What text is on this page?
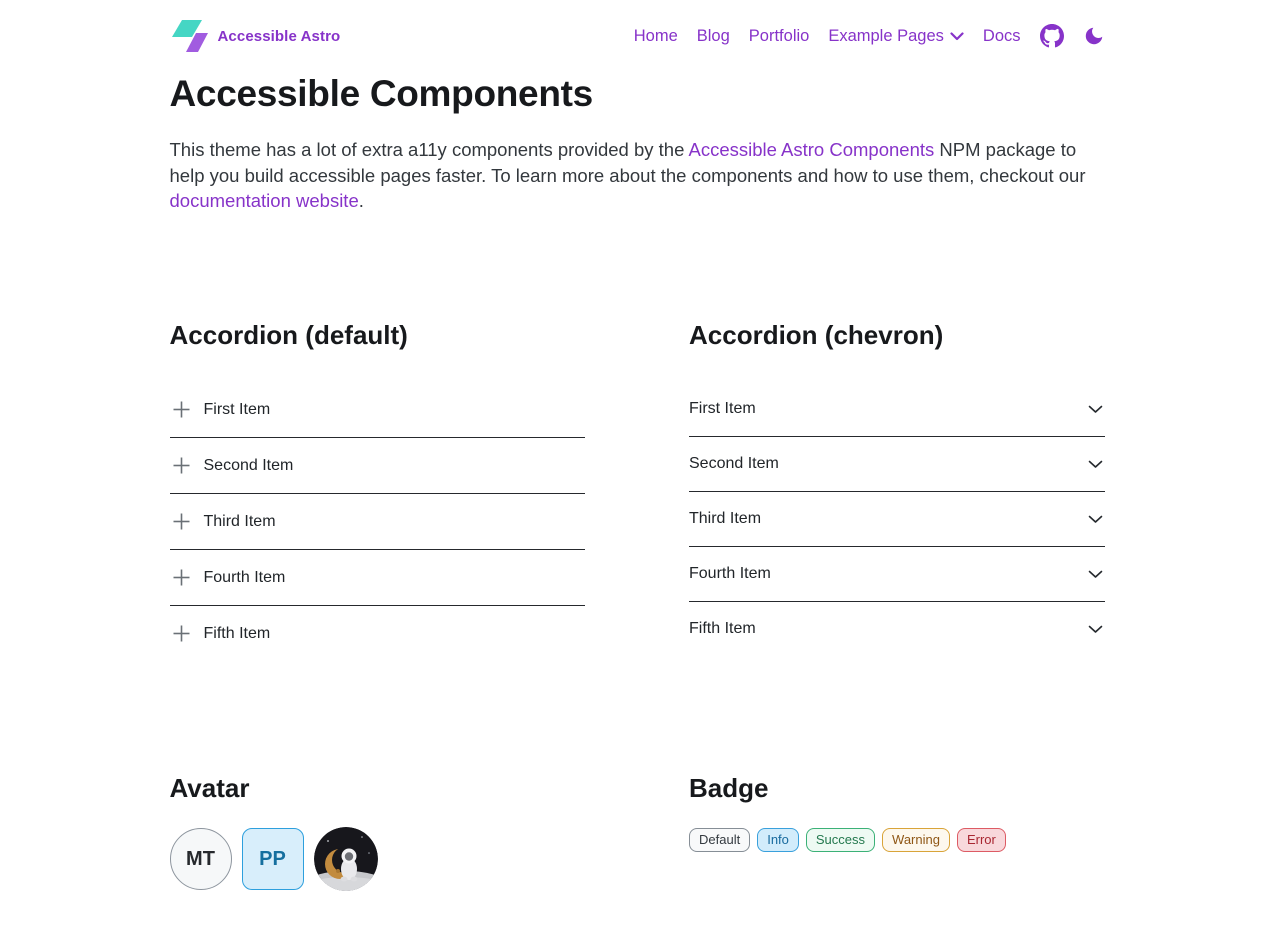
Accessible Astro	Home Blog Portfolio Example Pages Docs
Accessible Components

This theme has a lot of extra a11y components provided by the Accessible Astro Components NPM package to help you build accessible pages faster. To learn more about the components and how to use them, checkout our documentation website.

Accordion (default)
First Item
Second Item
Third Item
Fourth Item
Fifth Item
Accordion (chevron)
First Item
Second Item
Third Item
Fourth Item
Fifth Item
Avatar
MT PP
Badge
Default	Info	Success	Warning	Error
